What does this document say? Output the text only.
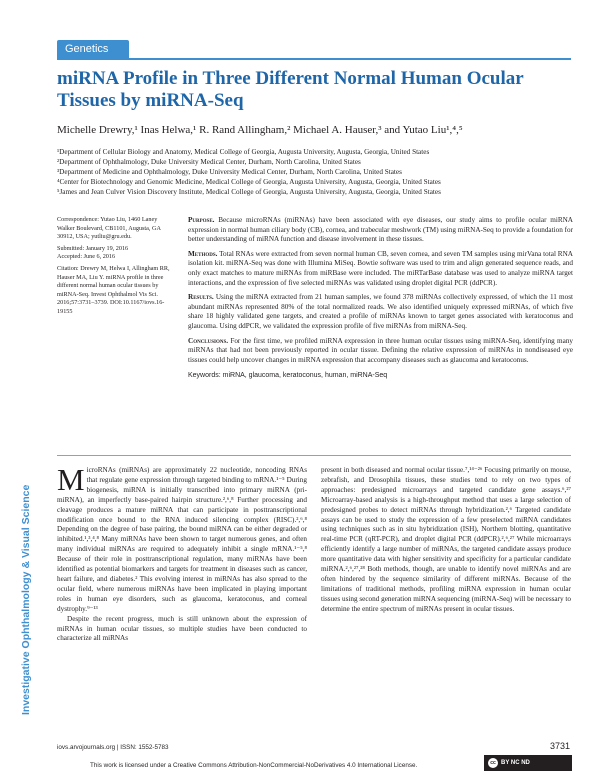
Genetics
miRNA Profile in Three Different Normal Human Ocular Tissues by miRNA-Seq
Michelle Drewry,¹ Inas Helwa,¹ R. Rand Allingham,² Michael A. Hauser,³ and Yutao Liu¹,⁴,⁵
¹Department of Cellular Biology and Anatomy, Medical College of Georgia, Augusta University, Augusta, Georgia, United States
²Department of Ophthalmology, Duke University Medical Center, Durham, North Carolina, United States
³Department of Medicine and Ophthalmology, Duke University Medical Center, Durham, North Carolina, United States
⁴Center for Biotechnology and Genomic Medicine, Medical College of Georgia, Augusta University, Augusta, Georgia, United States
⁵James and Jean Culver Vision Discovery Institute, Medical College of Georgia, Augusta University, Augusta, Georgia, United States

Correspondence: Yutao Liu, 1460 Laney Walker Boulevard, CB1101, Augusta, GA 30912, USA; yutliu@gru.edu.

Submitted: January 19, 2016

Accepted: June 6, 2016

Citation: Drewry M, Helwa I, Allingham RR, Hauser MA, Liu Y. miRNA profile in three different normal human ocular tissues by miRNA-Seq. Invest Ophthalmol Vis Sci. 2016;57:3731–3739. DOI:10.1167/iovs.16-19155

Purpose. Because microRNAs (miRNAs) have been associated with eye diseases, our study aims to profile ocular miRNA expression in normal human ciliary body (CB), cornea, and trabecular meshwork (TM) using miRNA-Seq to provide a foundation for better understanding of miRNA function and disease involvement in these tissues.

Methods. Total RNAs were extracted from seven normal human CB, seven cornea, and seven TM samples using mirVana total RNA isolation kit. miRNA-Seq was done with Illumina MiSeq. Bowtie software was used to trim and align generated sequence reads, and only exact matches to mature miRNAs from miRBase were included. The miRTarBase database was used to analyze miRNA target interactions, and the expression of five selected miRNAs was validated using droplet digital PCR (ddPCR).

Results. Using the miRNA extracted from 21 human samples, we found 378 miRNAs collectively expressed, of which the 11 most abundant miRNAs represented 80% of the total normalized reads. We also identified uniquely expressed miRNAs, of which five share 18 highly validated gene targets, and created a profile of miRNAs known to target genes associated with keratoconus and glaucoma. Using ddPCR, we validated the expression profile of five miRNAs from miRNA-Seq.

Conclusions. For the first time, we profiled miRNA expression in three human ocular tissues using miRNA-Seq, identifying many miRNAs that had not been previously reported in ocular tissue. Defining the relative expression of miRNAs in nondiseased eye tissues could help uncover changes in miRNA expression that accompany diseases such as glaucoma and keratoconus.

Keywords: miRNA, glaucoma, keratoconus, human, miRNA-Seq
Investigative Ophthalmology & Visual Science

MicroRNAs (miRNAs) are approximately 22 nucleotide, noncoding RNAs that regulate gene expression through targeted binding to mRNA.¹⁻⁵ During biogenesis, miRNA is initially transcribed into primary miRNA (pri-miRNA), an imperfectly base-paired hairpin structure.²,⁶,⁸ Further processing and cleavage produces a mature miRNA that can participate in posttranscriptional modification once bound to the RNA induced silencing complex (RISC).²,⁶,⁸ Depending on the degree of base pairing, the bound miRNA can be either degraded or inhibited.¹,³,⁴,⁸ Many miRNAs have been shown to target numerous genes, and often many individual miRNAs are required to adequately inhibit a single mRNA.¹⁻⁵,⁸ Because of their role in posttranscriptional regulation, many miRNAs have been identified as potential biomarkers and targets for treatment in diseases such as cancer, heart failure, and diabetes.² This evolving interest in miRNAs has also spread to the ocular field, where numerous miRNAs have been implicated in playing important roles in human eye disorders, such as glaucoma, keratoconus, and corneal dystrophy.⁹⁻¹³

Despite the recent progress, much is still unknown about the expression of miRNAs in human ocular tissues, so multiple studies have been conducted to characterize all miRNAs

present in both diseased and normal ocular tissue.⁷,¹⁴⁻²⁶ Focusing primarily on mouse, zebrafish, and Drosophila tissues, these studies tend to rely on two types of approaches: predesigned microarrays and targeted candidate gene assays.⁶,²⁷ Microarray-based analysis is a high-throughput method that uses a large selection of predesigned probes to detect miRNAs through hybridization.²,⁶ Targeted candidate assays can be used to study the expression of a few preselected miRNA candidates using techniques such as in situ hybridization (ISH), Northern blotting, quantitative real-time PCR (qRT-PCR), and droplet digital PCR (ddPCR).²,⁶,²⁷ While microarrays efficiently identify a large number of miRNAs, the targeted candidate assays produce more quantitative data with higher sensitivity and specificity for a particular candidate miRNA.²,⁶,²⁷,²⁸ Both methods, though, are unable to identify novel miRNAs and are often hindered by the sequence similarity of different miRNAs. Because of the limitations of traditional methods, profiling miRNA expression in human ocular tissues using second generation miRNA sequencing (miRNA-Seq) will be necessary to determine the entire spectrum of miRNAs present in ocular tissues.

iovs.arvojournals.org | ISSN: 1552-5783	3731
This work is licensed under a Creative Commons Attribution-NonCommercial-NoDerivatives 4.0 International License.	cc BY NC ND
